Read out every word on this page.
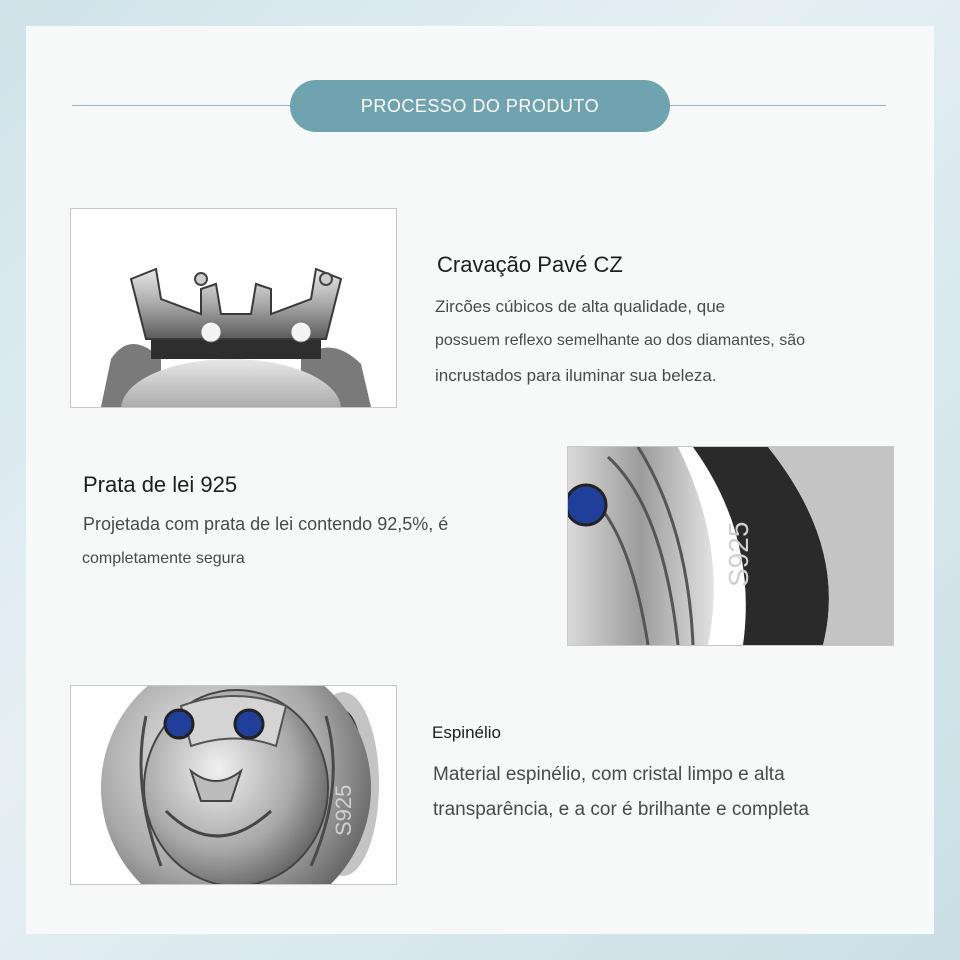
PROCESSO DO PRODUTO
Cravação Pavé CZ
Zircões cúbicos de alta qualidade, que
possuem reflexo semelhante ao dos diamantes, são
incrustados para iluminar sua beleza.
Prata de lei 925
Projetada com prata de lei contendo 92,5%, é
completamente segura	S925
S925
Espinélio
Material espinélio, com cristal limpo e alta
transparência, e a cor é brilhante e completa
